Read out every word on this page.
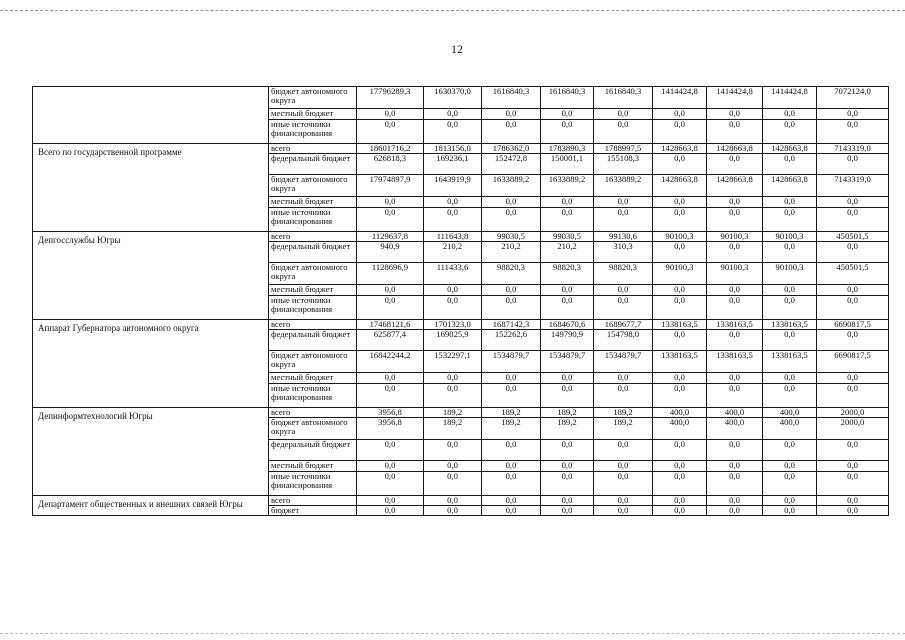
12
	бюджет автономного округа	17796289,3	1630370,0	1616840,3	1616840,3	1616840,3	1414424,8	1414424,8	1414424,8	7072124,0
	местный бюджет	0,0	0,0	0,0	0,0	0,0	0,0	0,0	0,0	0,0
	иные источники финансирования	0,0	0,0	0,0	0,0	0,0	0,0	0,0	0,0	0,0
Всего по государственной программе	всего	18601716,2	1813156,0	1786362,0	1783890,3	1788997,5	1428663,8	1428663,8	1428663,8	7143319,0
	федеральный бюджет	626818,3	169236,1	152472,8	150001,1	155108,3	0,0	0,0	0,0	0,0
	бюджет автономного округа	17974897,9	1643919,9	1633889,2	1633889,2	1633889,2	1428663,8	1428663,8	1428663,8	7143319,0
	местный бюджет	0,0	0,0	0,0	0,0	0,0	0,0	0,0	0,0	0,0
	иные источники финансирования	0,0	0,0	0,0	0,0	0,0	0,0	0,0	0,0	0,0
Депгосслужбы Югры	всего	1129637,8	111643,8	99030,5	99030,5	99130,6	90100,3	90100,3	90100,3	450501,5
	федеральный бюджет	940,9	210,2	210,2	210,2	310,3	0,0	0,0	0,0	0,0
	бюджет автономного округа	1128696,9	111433,6	98820,3	98820,3	98820,3	90100,3	90100,3	90100,3	450501,5
	местный бюджет	0,0	0,0	0,0	0,0	0,0	0,0	0,0	0,0	0,0
	иные источники финансирования	0,0	0,0	0,0	0,0	0,0	0,0	0,0	0,0	0,0
Аппарат Губернатора автономного округа	всего	17468121,6	1701323,0	1687142,3	1684670,6	1689677,7	1338163,5	1338163,5	1338163,5	6690817,5
	федеральный бюджет	625877,4	169025,9	152262,6	149790,9	154798,0	0,0	0,0	0,0	0,0
	бюджет автономного округа	16842244,2	1532297,1	1534879,7	1534879,7	1534879,7	1338163,5	1338163,5	1338163,5	6690817,5
	местный бюджет	0,0	0,0	0,0	0,0	0,0	0,0	0,0	0,0	0,0
	иные источники финансирования	0,0	0,0	0,0	0,0	0,0	0,0	0,0	0,0	0,0
Депинформтехнологий Югры	всего	3956,8	189,2	189,2	189,2	189,2	400,0	400,0	400,0	2000,0
	бюджет автономного округа	3956,8	189,2	189,2	189,2	189,2	400,0	400,0	400,0	2000,0
	федеральный бюджет	0,0	0,0	0,0	0,0	0,0	0,0	0,0	0,0	0,0
	местный бюджет	0,0	0,0	0,0	0,0	0,0	0,0	0,0	0,0	0,0
	иные источники финансирования	0,0	0,0	0,0	0,0	0,0	0,0	0,0	0,0	0,0
Департамент общественных и внешних связей Югры	всего	0,0	0,0	0,0	0,0	0,0	0,0	0,0	0,0	0,0
	бюджет	0,0	0,0	0,0	0,0	0,0	0,0	0,0	0,0	0,0
